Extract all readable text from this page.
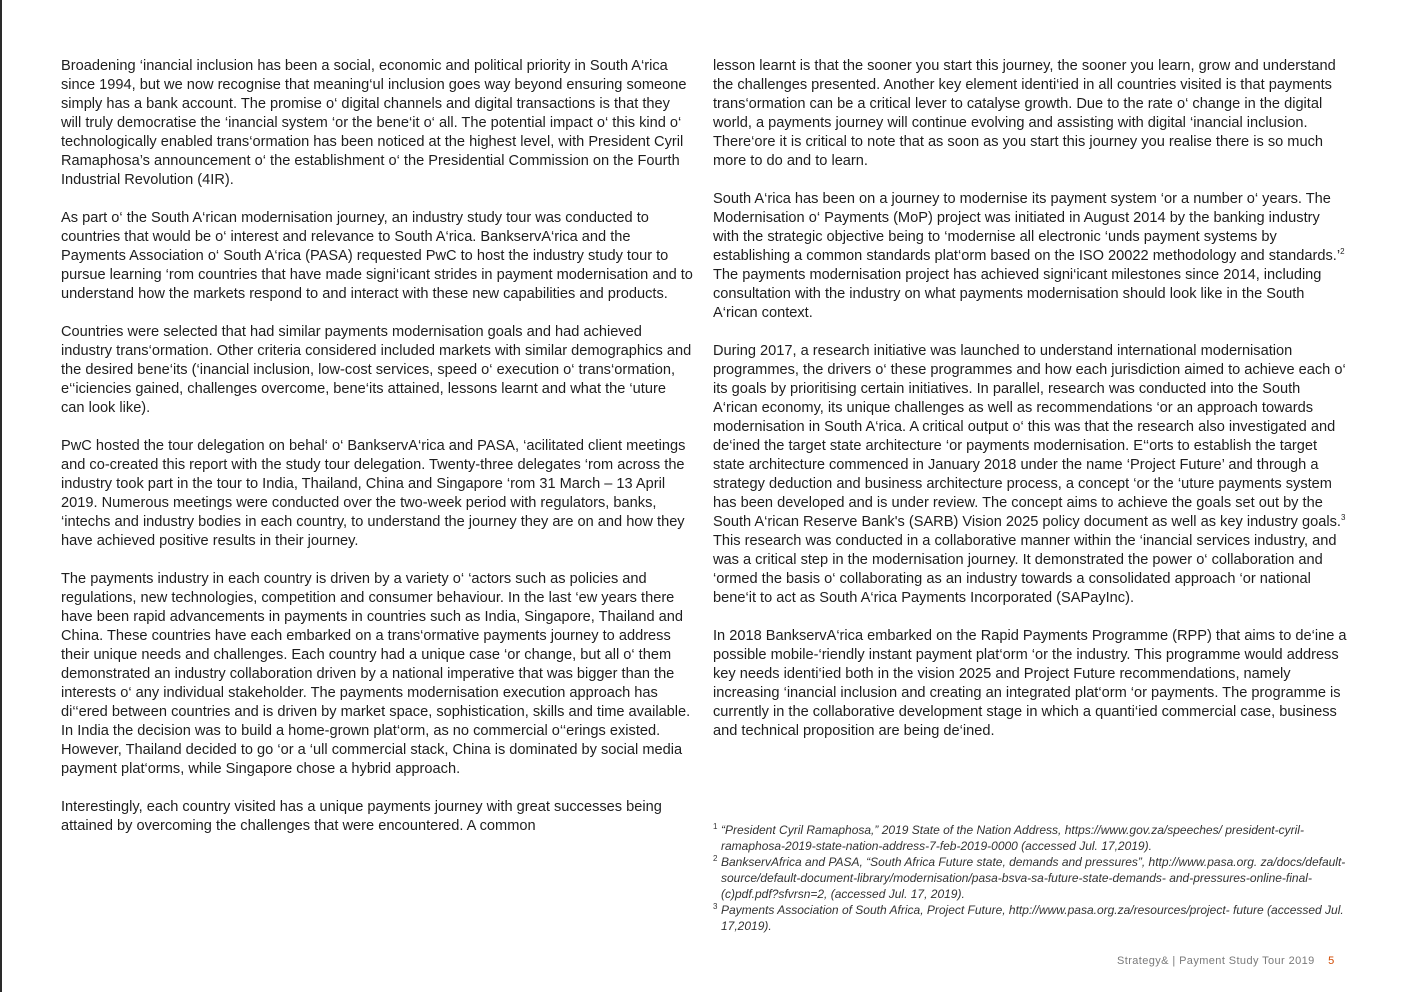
Broadening ‘inancial inclusion has been a social, economic and political priority in South A‘rica since 1994, but we now recognise that meaning‘ul inclusion goes way beyond ensuring someone simply has a bank account. The promise o‘ digital channels and digital transactions is that they will truly democratise the ‘inancial system ‘or the bene‘it o‘ all. The potential impact o‘ this kind o‘ technologically enabled trans‘ormation has been noticed at the highest level, with President Cyril Ramaphosa’s announcement o‘ the establishment o‘ the Presidential Commission on the Fourth Industrial Revolution (4IR).

As part o‘ the South A‘rican modernisation journey, an industry study tour was conducted to countries that would be o‘ interest and relevance to South A‘rica. BankservA‘rica and the Payments Association o‘ South A‘rica (PASA) requested PwC to host the industry study tour to pursue learning ‘rom countries that have made signi‘icant strides in payment modernisation and to understand how the markets respond to and interact with these new capabilities and products.

Countries were selected that had similar payments modernisation goals and had achieved industry trans‘ormation. Other criteria considered included markets with similar demographics and the desired bene‘its (‘inancial inclusion, low-cost services, speed o‘ execution o‘ trans‘ormation, e‘‘iciencies gained, challenges overcome, bene‘its attained, lessons learnt and what the ‘uture can look like).

PwC hosted the tour delegation on behal‘ o‘ BankservA‘rica and PASA, ‘acilitated client meetings and co-created this report with the study tour delegation. Twenty-three delegates ‘rom across the industry took part in the tour to India, Thailand, China and Singapore ‘rom 31 March – 13 April 2019. Numerous meetings were conducted over the two-week period with regulators, banks, ‘intechs and industry bodies in each country, to understand the journey they are on and how they have achieved positive results in their journey.

The payments industry in each country is driven by a variety o‘ ‘actors such as policies and regulations, new technologies, competition and consumer behaviour. In the last ‘ew years there have been rapid advancements in payments in countries such as India, Singapore, Thailand and China. These countries have each embarked on a trans‘ormative payments journey to address their unique needs and challenges. Each country had a unique case ‘or change, but all o‘ them demonstrated an industry collaboration driven by a national imperative that was bigger than the interests o‘ any individual stakeholder. The payments modernisation execution approach has di‘‘ered between countries and is driven by market space, sophistication, skills and time available. In India the decision was to build a home-grown plat‘orm, as no commercial o‘‘erings existed. However, Thailand decided to go ‘or a ‘ull commercial stack, China is dominated by social media payment plat‘orms, while Singapore chose a hybrid approach.

Interestingly, each country visited has a unique payments journey with great successes being attained by overcoming the challenges that were encountered. A common

lesson learnt is that the sooner you start this journey, the sooner you learn, grow and understand the challenges presented. Another key element identi‘ied in all countries visited is that payments trans‘ormation can be a critical lever to catalyse growth. Due to the rate o‘ change in the digital world, a payments journey will continue evolving and assisting with digital ‘inancial inclusion. There‘ore it is critical to note that as soon as you start this journey you realise there is so much more to do and to learn.

South A‘rica has been on a journey to modernise its payment system ‘or a number o‘ years. The Modernisation o‘ Payments (MoP) project was initiated in August 2014 by the banking industry with the strategic objective being to ‘modernise all electronic ‘unds payment systems by establishing a common standards plat‘orm based on the ISO 20022 methodology and standards.’$^2$ The payments modernisation project has achieved signi‘icant milestones since 2014, including consultation with the industry on what payments modernisation should look like in the South A‘rican context.

During 2017, a research initiative was launched to understand international modernisation programmes, the drivers o‘ these programmes and how each jurisdiction aimed to achieve each o‘ its goals by prioritising certain initiatives. In parallel, research was conducted into the South A‘rican economy, its unique challenges as well as recommendations ‘or an approach towards modernisation in South A‘rica. A critical output o‘ this was that the research also investigated and de‘ined the target state architecture ‘or payments modernisation. E‘‘orts to establish the target state architecture commenced in January 2018 under the name ‘Project Future’ and through a strategy deduction and business architecture process, a concept ‘or the ‘uture payments system has been developed and is under review. The concept aims to achieve the goals set out by the South A‘rican Reserve Bank's (SARB) Vision 2025 policy document as well as key industry goals.$^3$ This research was conducted in a collaborative manner within the ‘inancial services industry, and was a critical step in the modernisation journey. It demonstrated the power o‘ collaboration and ‘ormed the basis o‘ collaborating as an industry towards a consolidated approach ‘or national bene‘it to act as South A‘rica Payments Incorporated (SAPayInc).

In 2018 BankservA‘rica embarked on the Rapid Payments Programme (RPP) that aims to de‘ine a possible mobile-‘riendly instant payment plat‘orm ‘or the industry. This programme would address key needs identi‘ied both in the vision 2025 and Project Future recommendations, namely increasing ‘inancial inclusion and creating an integrated plat‘orm ‘or payments. The programme is currently in the collaborative development stage in which a quanti‘ied commercial case, business and technical proposition are being de‘ined.

1 “President Cyril Ramaphosa,” 2019 State of the Nation Address, https://www.gov.za/speeches/ president-cyril-ramaphosa-2019-state-nation-address-7-feb-2019-0000 (accessed Jul. 17,2019).
2 BankservAfrica and PASA, “South Africa Future state, demands and pressures”, http://www.pasa.org. za/docs/default-source/default-document-library/modernisation/pasa-bsva-sa-future-state-demands- and-pressures-online-final-(c)pdf.pdf?sfvrsn=2, (accessed Jul. 17, 2019).
3 Payments Association of South Africa, Project Future, http://www.pasa.org.za/resources/project- future (accessed Jul. 17,2019).
Strategy& | Payment Study Tour 2019 5
